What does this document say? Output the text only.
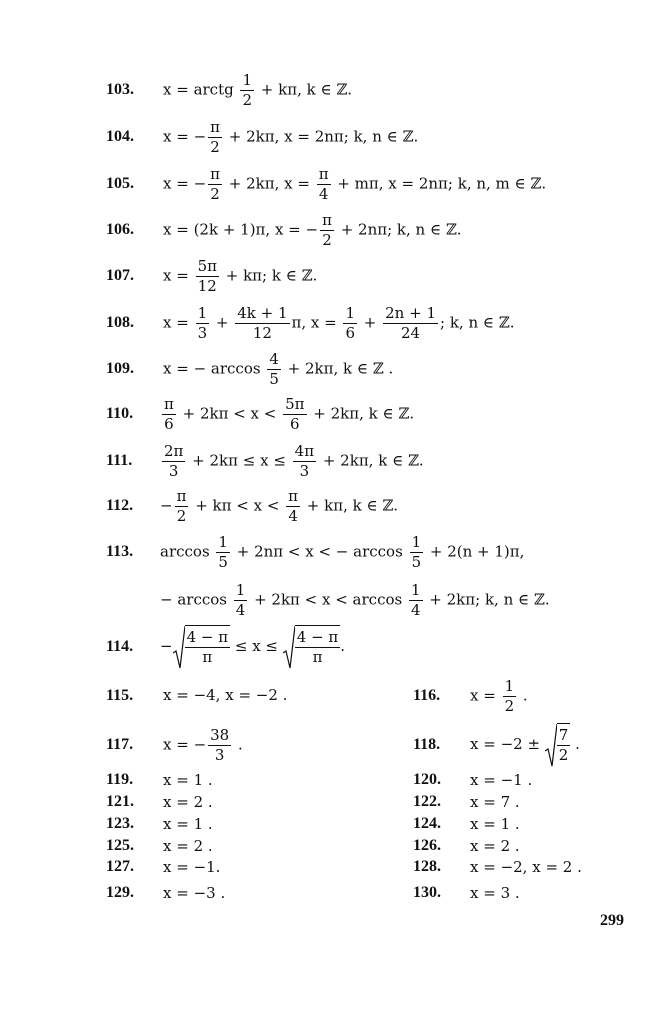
103. x = arctg $\frac{1}{2} + k\pi$, k ∈ ℤ.
104. x = − $\frac{\pi}{2} + 2k\pi$, x = 2nπ; k, n ∈ ℤ.
105. x = − $\frac{\pi}{2} + 2k\pi$, $x = \frac{\pi}{4} + m\pi$, x = 2nπ; k, n, m ∈ ℤ.
106. x = (2k + 1)π, x = − $\frac{\pi}{2} + 2n\pi$; k, n ∈ ℤ.
107. $x = \frac{5\pi}{12} + k\pi$; k ∈ ℤ.
108. $x = \frac{1}{3} + \frac{4k + 1}{12} \pi$, $x = \frac{1}{6} + \frac{2n + 1}{24}$ ; k, n ∈ ℤ.
109. x = − $\arccos \frac{4}{5} + 2k\pi$, k ∈ ℤ .
110. $\frac{\pi}{6} + 2k\pi < x < \frac{5\pi}{6} + 2k\pi$, k ∈ ℤ.
111. $\frac{2\pi}{3} + 2k\pi \le x \le \frac{4\pi}{3} + 2k\pi$, k ∈ ℤ.
112. − $\frac{\pi}{2} + k\pi < x < \frac{\pi}{4} + k\pi$, k ∈ ℤ.
113. $\arccos \frac{1}{5} + 2n\pi < x$ < − $\arccos \frac{1}{5} + 2(n + 1)\pi$,
− $\arccos \frac{1}{4} + 2k\pi < x < \arccos \frac{1}{4} + 2k\pi$; k, n ∈ ℤ.
114. − $\frac{4 - \pi}{\pi} \le x \le \frac{4 - \pi}{\pi}$ .
115. x = −4, x = −2 .	116. $x = \frac{1}{2}$ .
117. x = − $\frac{38}{3}$ .	118. $x = -2 \pm \frac{7}{2}$ .
119. x = 1 .	120. x = −1 .
121. x = 2 .	122. x = 7 .
123. x = 1 .	124. x = 1 .
125. x = 2 .	126. x = 2 .
127. x = −1.	128. x = −2, x = 2 .
129. x = −3 .	130. x = 3 .
299
